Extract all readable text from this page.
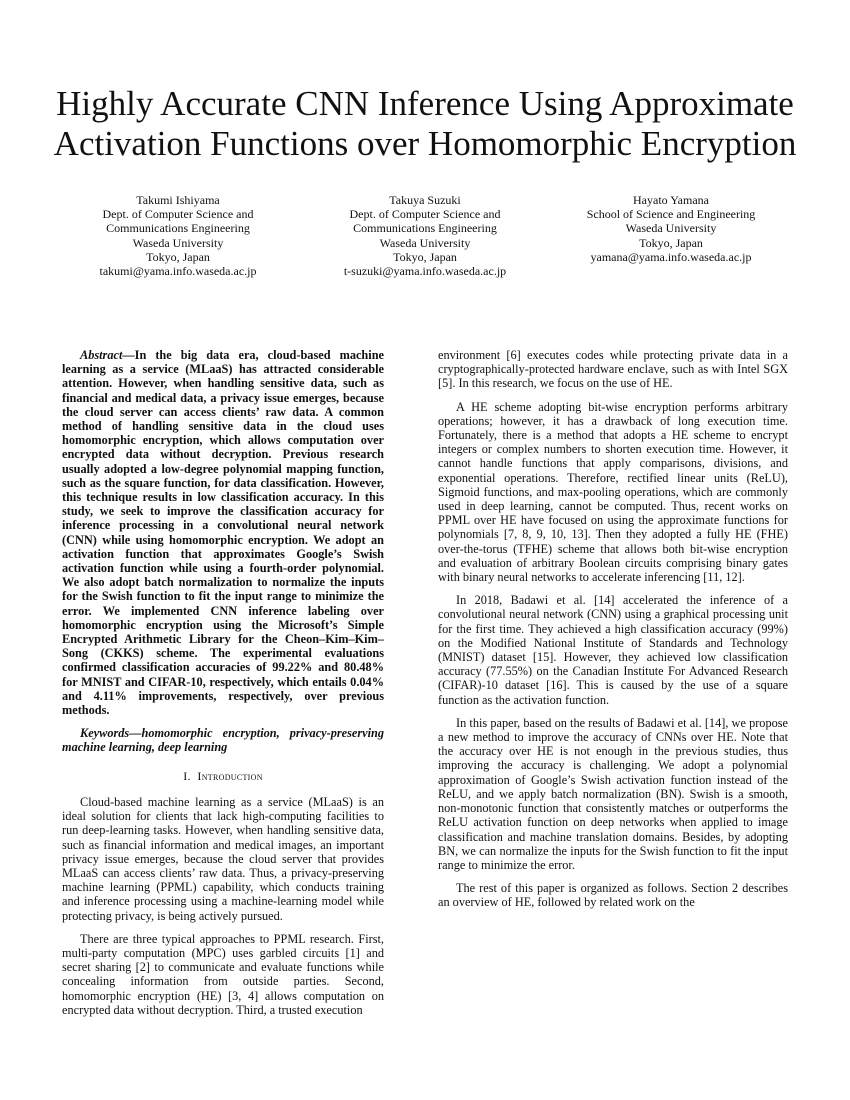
Highly Accurate CNN Inference Using Approximate
Activation Functions over Homomorphic Encryption
Takumi Ishiyama
Dept. of Computer Science and
Communications Engineering
Waseda University
Tokyo, Japan
takumi@yama.info.waseda.ac.jp
Takuya Suzuki
Dept. of Computer Science and
Communications Engineering
Waseda University
Tokyo, Japan
t-suzuki@yama.info.waseda.ac.jp
Hayato Yamana
School of Science and Engineering
Waseda University
Tokyo, Japan
yamana@yama.info.waseda.ac.jp

Abstract—In the big data era, cloud-based machine learning as a service (MLaaS) has attracted considerable attention. However, when handling sensitive data, such as financial and medical data, a privacy issue emerges, because the cloud server can access clients’ raw data. A common method of handling sensitive data in the cloud uses homomorphic encryption, which allows computation over encrypted data without decryption. Previous research usually adopted a low-degree polynomial mapping function, such as the square function, for data classification. However, this technique results in low classification accuracy. In this study, we seek to improve the classification accuracy for inference processing in a convolutional neural network (CNN) while using homomorphic encryption. We adopt an activation function that approximates Google’s Swish activation function while using a fourth-order polynomial. We also adopt batch normalization to normalize the inputs for the Swish function to fit the input range to minimize the error. We implemented CNN inference labeling over homomorphic encryption using the Microsoft’s Simple Encrypted Arithmetic Library for the Cheon–Kim–Kim–Song (CKKS) scheme. The experimental evaluations confirmed classification accuracies of 99.22% and 80.48% for MNIST and CIFAR-10, respectively, which entails 0.04% and 4.11% improvements, respectively, over previous methods.

Keywords—homomorphic encryption, privacy-preserving machine learning, deep learning

I. Introduction

Cloud-based machine learning as a service (MLaaS) is an ideal solution for clients that lack high-computing facilities to run deep-learning tasks. However, when handling sensitive data, such as financial information and medical images, an important privacy issue emerges, because the cloud server that provides MLaaS can access clients’ raw data. Thus, a privacy-preserving machine learning (PPML) capability, which conducts training and inference processing using a machine-learning model while protecting privacy, is being actively pursued.

There are three typical approaches to PPML research. First, multi-party computation (MPC) uses garbled circuits [1] and secret sharing [2] to communicate and evaluate functions while concealing information from outside parties. Second, homomorphic encryption (HE) [3, 4] allows computation on encrypted data without decryption. Third, a trusted execution

environment [6] executes codes while protecting private data in a cryptographically-protected hardware enclave, such as with Intel SGX [5]. In this research, we focus on the use of HE.

A HE scheme adopting bit-wise encryption performs arbitrary operations; however, it has a drawback of long execution time. Fortunately, there is a method that adopts a HE scheme to encrypt integers or complex numbers to shorten execution time. However, it cannot handle functions that apply comparisons, divisions, and exponential operations. Therefore, rectified linear units (ReLU), Sigmoid functions, and max-pooling operations, which are commonly used in deep learning, cannot be computed. Thus, recent works on PPML over HE have focused on using the approximate functions for polynomials [7, 8, 9, 10, 13]. Then they adopted a fully HE (FHE) over-the-torus (TFHE) scheme that allows both bit-wise encryption and evaluation of arbitrary Boolean circuits comprising binary gates with binary neural networks to accelerate inferencing [11, 12].

In 2018, Badawi et al. [14] accelerated the inference of a convolutional neural network (CNN) using a graphical processing unit for the first time. They achieved a high classification accuracy (99%) on the Modified National Institute of Standards and Technology (MNIST) dataset [15]. However, they achieved low classification accuracy (77.55%) on the Canadian Institute For Advanced Research (CIFAR)-10 dataset [16]. This is caused by the use of a square function as the activation function.

In this paper, based on the results of Badawi et al. [14], we propose a new method to improve the accuracy of CNNs over HE. Note that the accuracy over HE is not enough in the previous studies, thus improving the accuracy is challenging. We adopt a polynomial approximation of Google’s Swish activation function instead of the ReLU, and we apply batch normalization (BN). Swish is a smooth, non-monotonic function that consistently matches or outperforms the ReLU activation function on deep networks when applied to image classification and machine translation domains. Besides, by adopting BN, we can normalize the inputs for the Swish function to fit the input range to minimize the error.

The rest of this paper is organized as follows. Section 2 describes an overview of HE, followed by related work on the
